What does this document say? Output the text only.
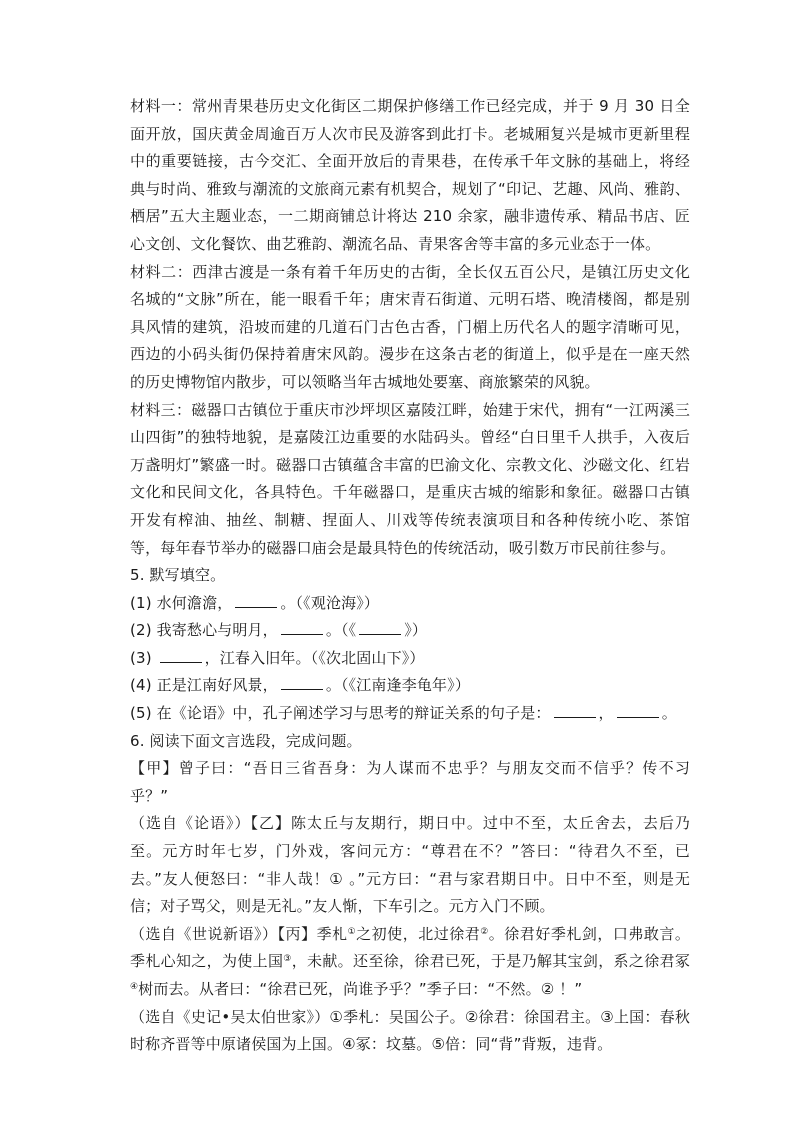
材料一：常州青果巷历史文化街区二期保护修缮工作已经完成，并于 9 月 30 日全面开放，国庆黄金周逾百万人次市民及游客到此打卡。老城厢复兴是城市更新里程中的重要链接，古今交汇、全面开放后的青果巷，在传承千年文脉的基础上，将经典与时尚、雅致与潮流的文旅商元素有机契合，规划了“印记、艺趣、风尚、雅韵、栖居”五大主题业态，一二期商铺总计将达 210 余家，融非遗传承、精品书店、匠心文创、文化餐饮、曲艺雅韵、潮流名品、青果客舍等丰富的多元业态于一体。

材料二：西津古渡是一条有着千年历史的古街，全长仅五百公尺，是镇江历史文化名城的“文脉”所在，能一眼看千年；唐宋青石街道、元明石塔、晚清楼阁，都是别具风情的建筑，沿坡而建的几道石门古色古香，门楣上历代名人的题字清晰可见，西边的小码头街仍保持着唐宋风韵。漫步在这条古老的街道上，似乎是在一座天然的历史博物馆内散步，可以领略当年古城地处要塞、商旅繁荣的风貌。

材料三：磁器口古镇位于重庆市沙坪坝区嘉陵江畔，始建于宋代，拥有“一江两溪三山四街”的独特地貌，是嘉陵江边重要的水陆码头。曾经“白日里千人拱手，入夜后万盏明灯”繁盛一时。磁器口古镇蕴含丰富的巴渝文化、宗教文化、沙磁文化、红岩文化和民间文化，各具特色。千年磁器口，是重庆古城的缩影和象征。磁器口古镇开发有榨油、抽丝、制糖、捏面人、川戏等传统表演项目和各种传统小吃、茶馆等，每年春节举办的磁器口庙会是最具特色的传统活动，吸引数万市民前往参与。

5. 默写填空。

(1) 水何澹澹，	。（《观沧海》）

(2) 我寄愁心与明月，	。（《	》）

(3)	，江春入旧年。（《次北固山下》）

(4) 正是江南好风景，	。（《江南逢李龟年》）

(5) 在《论语》中，孔子阐述学习与思考的辩证关系的句子是：	，	。

6. 阅读下面文言选段，完成问题。

【甲】曾子曰：“吾日三省吾身：为人谋而不忠乎？与朋友交而不信乎？传不习乎？”

（选自《论语》）【乙】陈太丘与友期行，期日中。过中不至，太丘舍去，去后乃至。元方时年七岁，门外戏，客问元方：“尊君在不？”答曰：“待君久不至，已去。”友人便怒曰：“非人哉！① 。”元方曰：“君与家君期日中。日中不至，则是无信；对子骂父，则是无礼。”友人惭，下车引之。元方入门不顾。

（选自《世说新语》）【丙】季札①之初使，北过徐君②。徐君好季札剑，口弗敢言。季札心知之，为使上国③，未献。还至徐，徐君已死，于是乃解其宝剑，系之徐君冢④树而去。从者曰：“徐君已死，尚谁予乎？”季子曰：“不然。② ！”

（选自《史记•吴太伯世家》）①季札：吴国公子。②徐君：徐国君主。③上国：春秋时称齐晋等中原诸侯国为上国。④冢：坟墓。⑤倍：同“背”背叛，违背。
